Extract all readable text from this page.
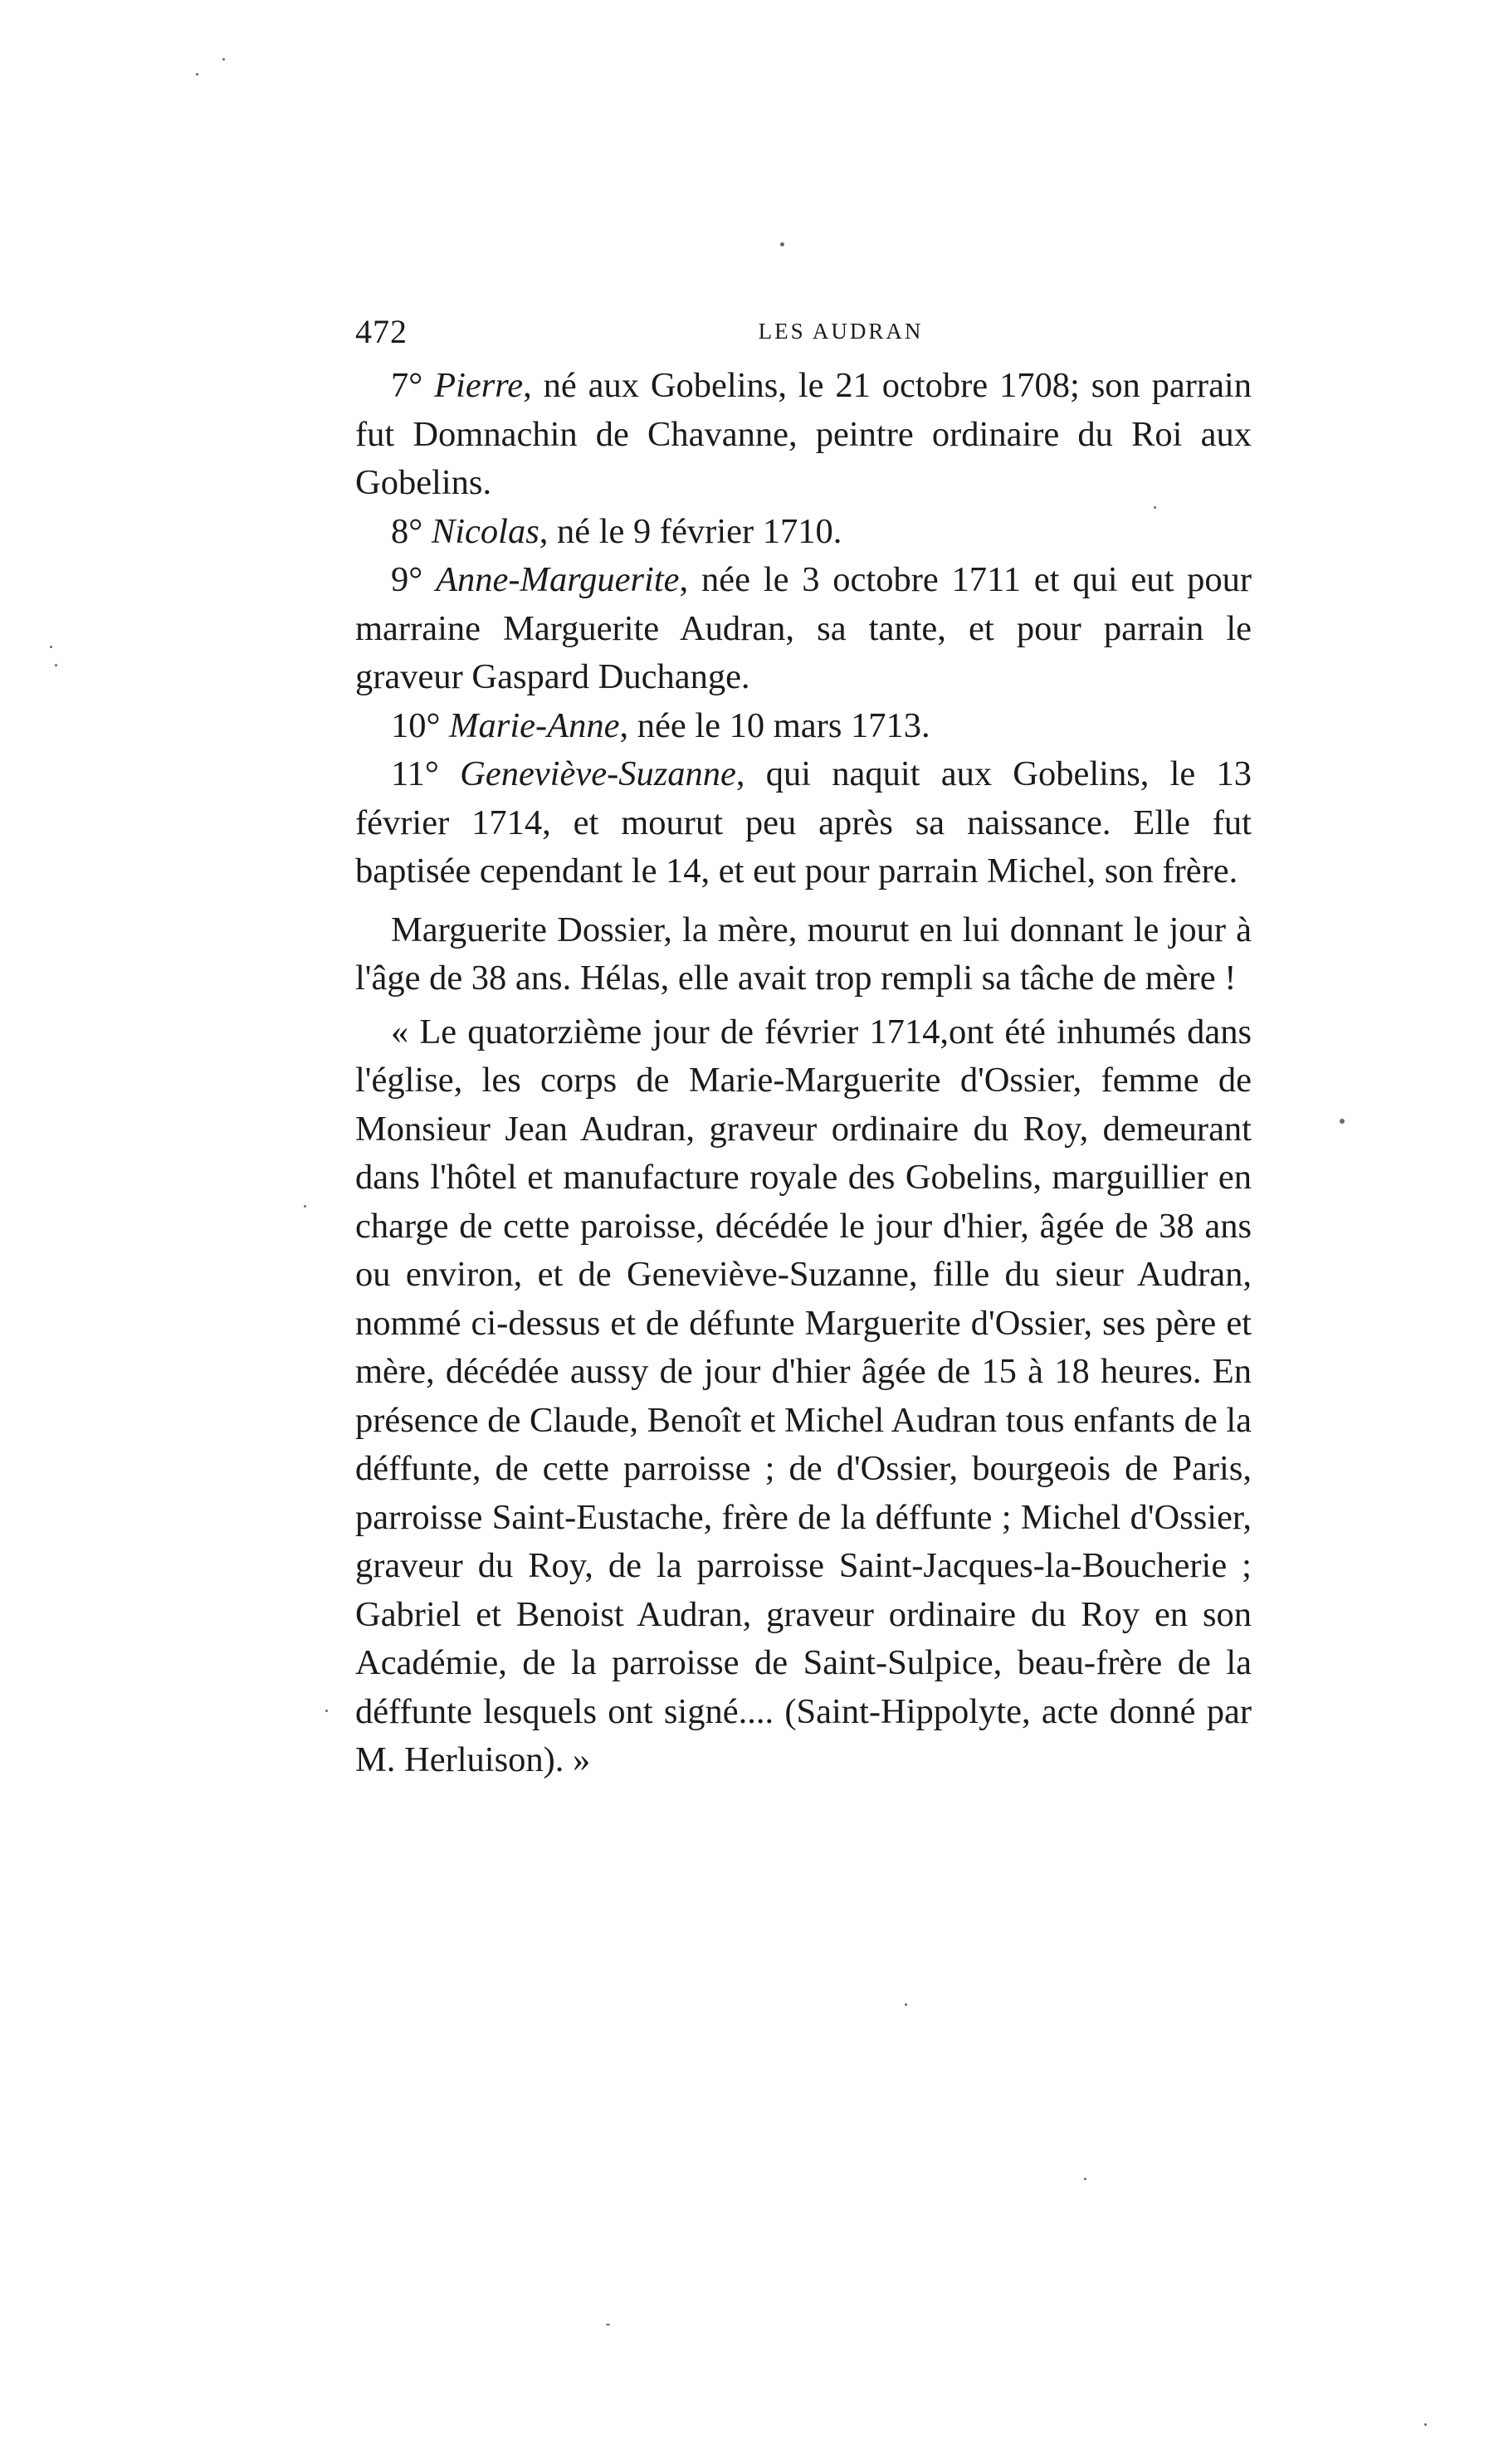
472	LES AUDRAN

7° Pierre, né aux Gobelins, le 21 octobre 1708; son parrain fut Domnachin de Chavanne, peintre ordinaire du Roi aux Gobelins.

8° Nicolas, né le 9 février 1710.

9° Anne-Marguerite, née le 3 octobre 1711 et qui eut pour marraine Marguerite Audran, sa tante, et pour parrain le graveur Gaspard Duchange.

10° Marie-Anne, née le 10 mars 1713.

11° Geneviève-Suzanne, qui naquit aux Gobelins, le 13 février 1714, et mourut peu après sa naissance. Elle fut baptisée cependant le 14, et eut pour parrain Michel, son frère.

Marguerite Dossier, la mère, mourut en lui donnant le jour à l'âge de 38 ans. Hélas, elle avait trop rempli sa tâche de mère !

« Le quatorzième jour de février 1714,ont été inhumés dans l'église, les corps de Marie-Marguerite d'Ossier, femme de Monsieur Jean Audran, graveur ordinaire du Roy, demeurant dans l'hôtel et manufacture royale des Gobelins, marguillier en charge de cette paroisse, décédée le jour d'hier, âgée de 38 ans ou environ, et de Geneviève-Suzanne, fille du sieur Audran, nommé ci-dessus et de défunte Marguerite d'Ossier, ses père et mère, décédée aussy de jour d'hier âgée de 15 à 18 heures. En présence de Claude, Benoît et Michel Audran tous enfants de la déffunte, de cette parroisse ; de d'Ossier, bourgeois de Paris, parroisse Saint-Eustache, frère de la déffunte ; Michel d'Ossier, graveur du Roy, de la parroisse Saint-Jacques-la-Boucherie ; Gabriel et Benoist Audran, graveur ordinaire du Roy en son Académie, de la parroisse de Saint-Sulpice, beau-frère de la déffunte lesquels ont signé.... (Saint-Hippolyte, acte donné par M. Herluison). »
